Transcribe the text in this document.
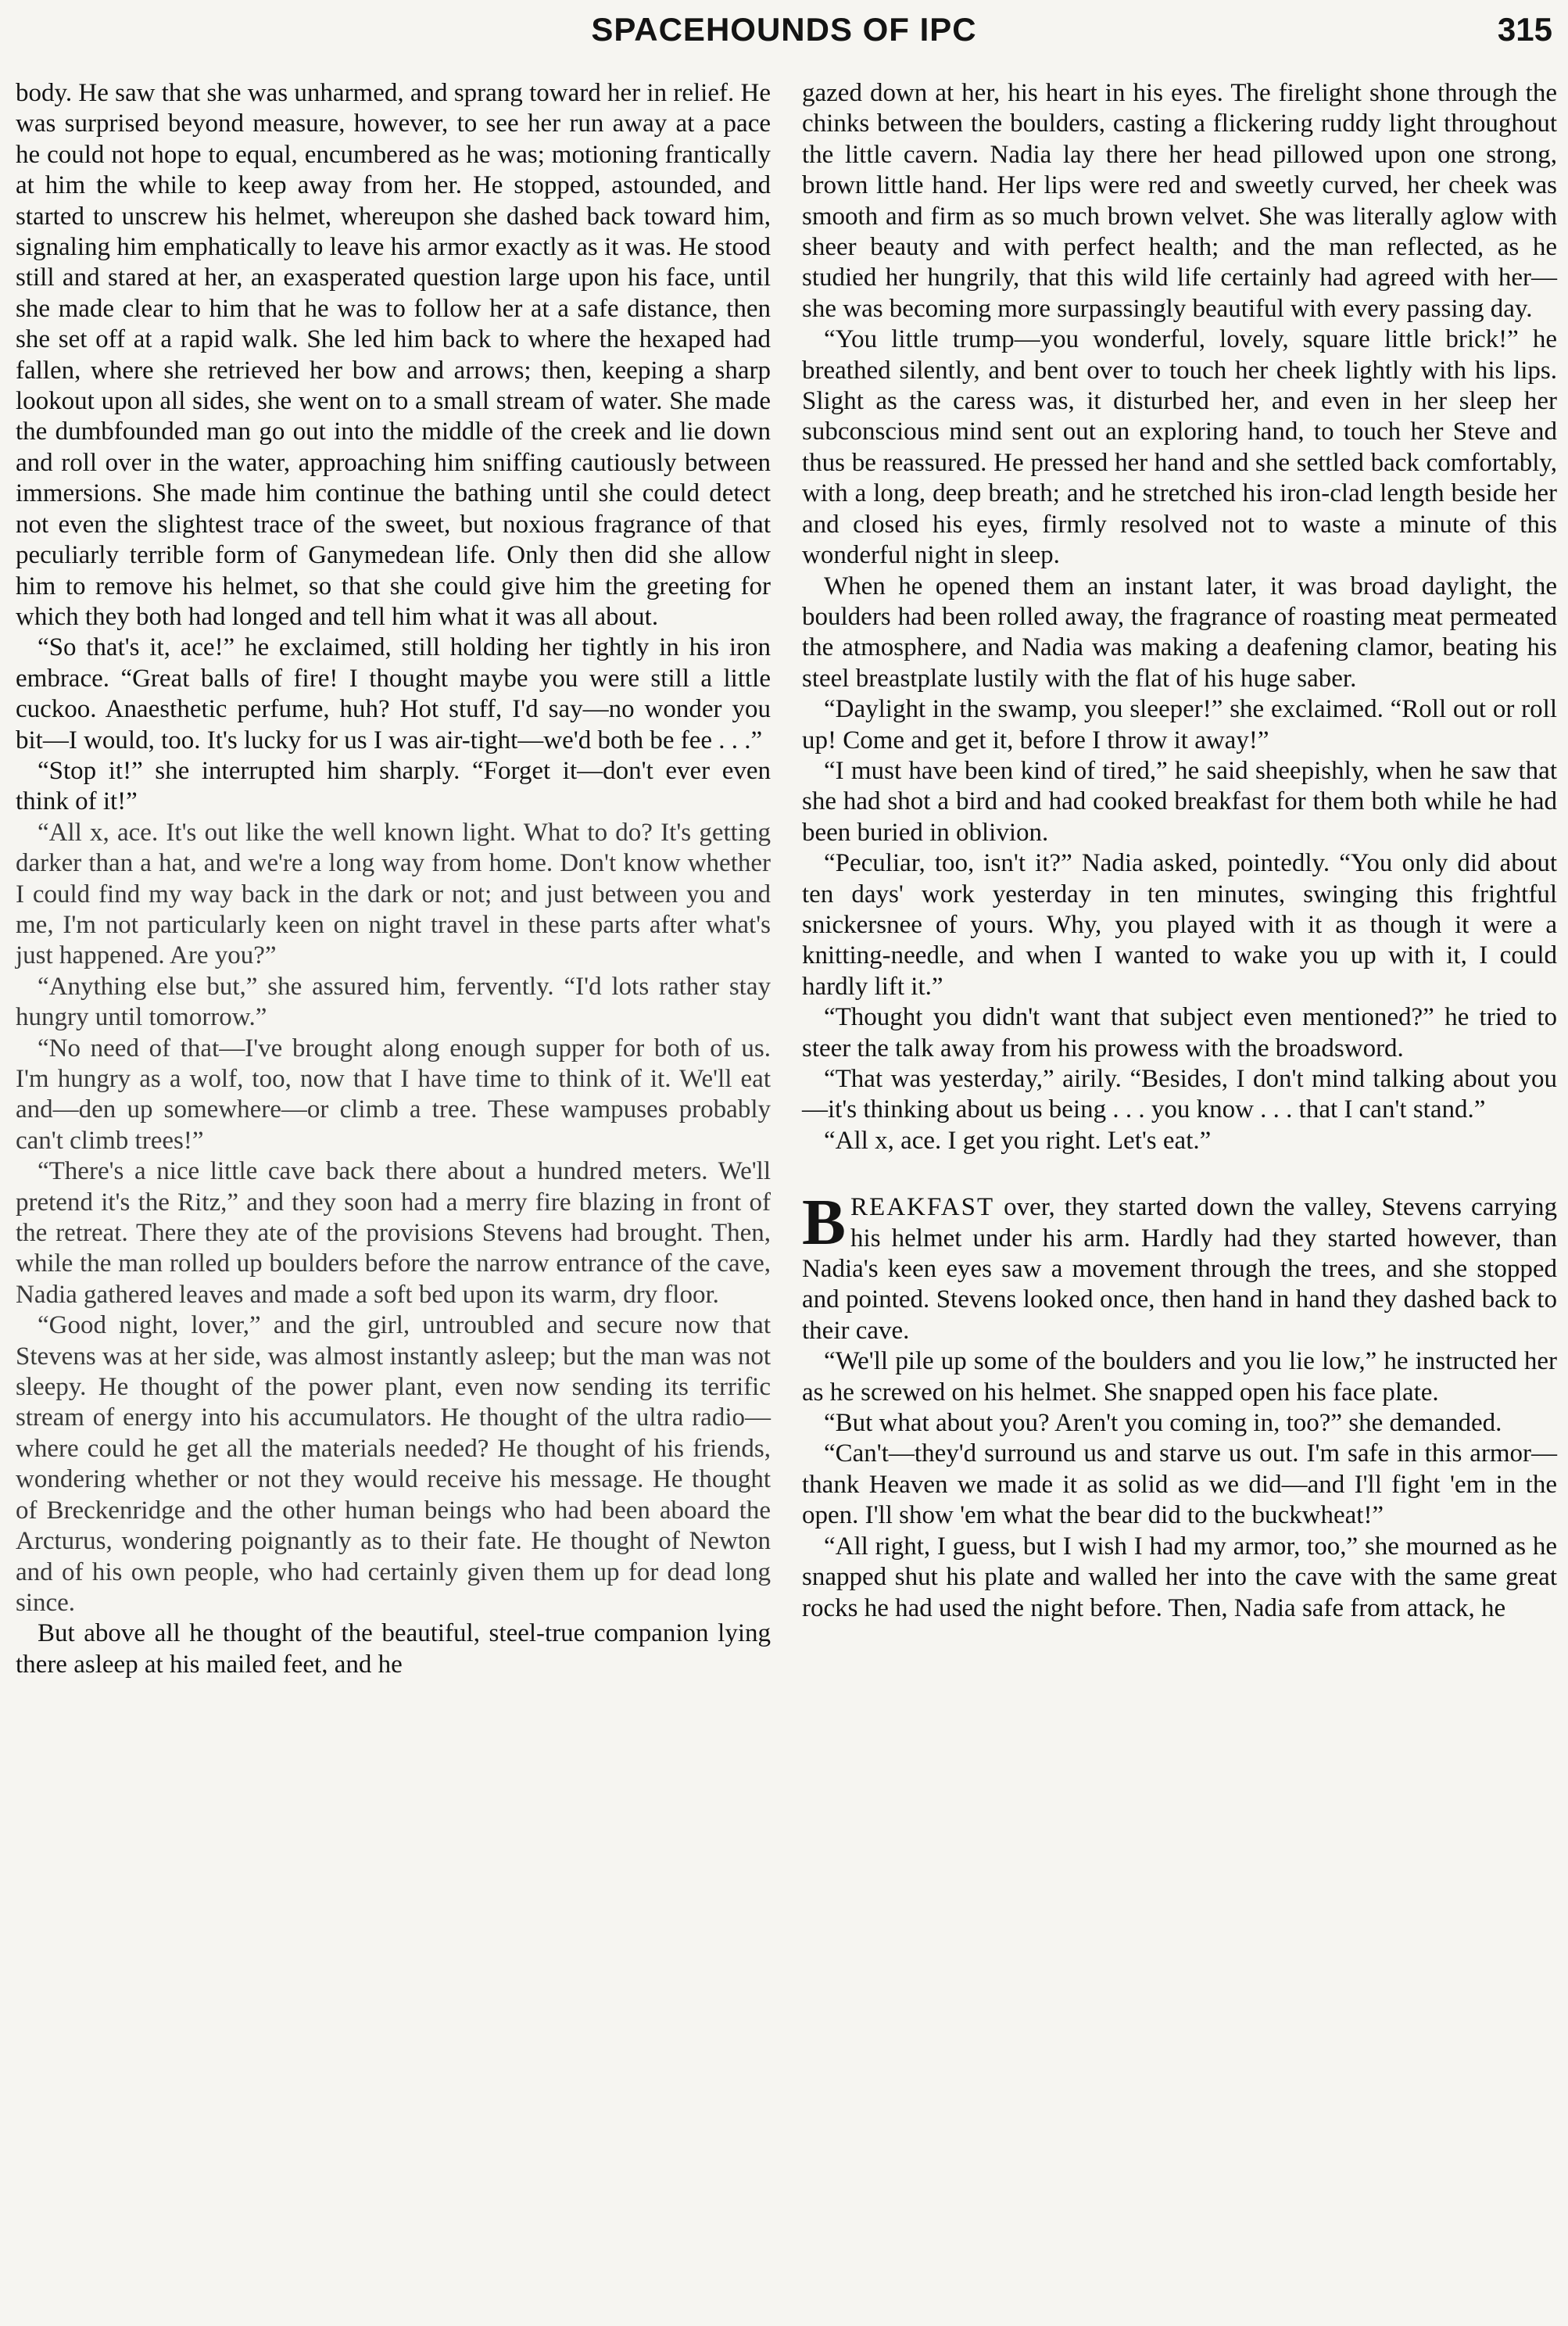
SPACEHOUNDS OF IPC	315

body. He saw that she was unharmed, and sprang toward her in relief. He was surprised beyond measure, however, to see her run away at a pace he could not hope to equal, encumbered as he was; motioning frantically at him the while to keep away from her. He stopped, astounded, and started to unscrew his helmet, whereupon she dashed back toward him, signaling him emphatically to leave his armor exactly as it was. He stood still and stared at her, an exasperated question large upon his face, until she made clear to him that he was to follow her at a safe distance, then she set off at a rapid walk. She led him back to where the hexaped had fallen, where she retrieved her bow and arrows; then, keeping a sharp lookout upon all sides, she went on to a small stream of water. She made the dumbfounded man go out into the middle of the creek and lie down and roll over in the water, approaching him sniffing cautiously between immersions. She made him continue the bathing until she could detect not even the slightest trace of the sweet, but noxious fragrance of that peculiarly terrible form of Ganymedean life. Only then did she allow him to remove his helmet, so that she could give him the greeting for which they both had longed and tell him what it was all about.

“So that's it, ace!” he exclaimed, still holding her tightly in his iron embrace. “Great balls of fire! I thought maybe you were still a little cuckoo. Anaesthetic perfume, huh? Hot stuff, I'd say—no wonder you bit—I would, too. It's lucky for us I was air-tight—we'd both be fee . . .”

“Stop it!” she interrupted him sharply. “Forget it—don't ever even think of it!”

“All x, ace. It's out like the well known light. What to do? It's getting darker than a hat, and we're a long way from home. Don't know whether I could find my way back in the dark or not; and just between you and me, I'm not particularly keen on night travel in these parts after what's just happened. Are you?”

“Anything else but,” she assured him, fervently. “I'd lots rather stay hungry until tomorrow.”

“No need of that—I've brought along enough supper for both of us. I'm hungry as a wolf, too, now that I have time to think of it. We'll eat and—den up somewhere—or climb a tree. These wampuses probably can't climb trees!”

“There's a nice little cave back there about a hundred meters. We'll pretend it's the Ritz,” and they soon had a merry fire blazing in front of the retreat. There they ate of the provisions Stevens had brought. Then, while the man rolled up boulders before the narrow entrance of the cave, Nadia gathered leaves and made a soft bed upon its warm, dry floor.

“Good night, lover,” and the girl, untroubled and secure now that Stevens was at her side, was almost instantly asleep; but the man was not sleepy. He thought of the power plant, even now sending its terrific stream of energy into his accumulators. He thought of the ultra radio—where could he get all the materials needed? He thought of his friends, wondering whether or not they would receive his message. He thought of Breckenridge and the other human beings who had been aboard the Arcturus, wondering poignantly as to their fate. He thought of Newton and of his own people, who had certainly given them up for dead long since.

But above all he thought of the beautiful, steel-true companion lying there asleep at his mailed feet, and he

gazed down at her, his heart in his eyes. The firelight shone through the chinks between the boulders, casting a flickering ruddy light throughout the little cavern. Nadia lay there her head pillowed upon one strong, brown little hand. Her lips were red and sweetly curved, her cheek was smooth and firm as so much brown velvet. She was literally aglow with sheer beauty and with perfect health; and the man reflected, as he studied her hungrily, that this wild life certainly had agreed with her—she was becoming more surpassingly beautiful with every passing day.

“You little trump—you wonderful, lovely, square little brick!” he breathed silently, and bent over to touch her cheek lightly with his lips. Slight as the caress was, it disturbed her, and even in her sleep her subconscious mind sent out an exploring hand, to touch her Steve and thus be reassured. He pressed her hand and she settled back comfortably, with a long, deep breath; and he stretched his iron-clad length beside her and closed his eyes, firmly resolved not to waste a minute of this wonderful night in sleep.

When he opened them an instant later, it was broad daylight, the boulders had been rolled away, the fragrance of roasting meat permeated the atmosphere, and Nadia was making a deafening clamor, beating his steel breastplate lustily with the flat of his huge saber.

“Daylight in the swamp, you sleeper!” she exclaimed. “Roll out or roll up! Come and get it, before I throw it away!”

“I must have been kind of tired,” he said sheepishly, when he saw that she had shot a bird and had cooked breakfast for them both while he had been buried in oblivion.

“Peculiar, too, isn't it?” Nadia asked, pointedly. “You only did about ten days' work yesterday in ten minutes, swinging this frightful snickersnee of yours. Why, you played with it as though it were a knitting-needle, and when I wanted to wake you up with it, I could hardly lift it.”

“Thought you didn't want that subject even mentioned?” he tried to steer the talk away from his prowess with the broadsword.

“That was yesterday,” airily. “Besides, I don't mind talking about you—it's thinking about us being . . . you know . . . that I can't stand.”

“All x, ace. I get you right. Let's eat.”

BREAKFAST over, they started down the valley, Stevens carrying his helmet under his arm. Hardly had they started however, than Nadia's keen eyes saw a movement through the trees, and she stopped and pointed. Stevens looked once, then hand in hand they dashed back to their cave.

“We'll pile up some of the boulders and you lie low,” he instructed her as he screwed on his helmet. She snapped open his face plate.

“But what about you? Aren't you coming in, too?” she demanded.

“Can't—they'd surround us and starve us out. I'm safe in this armor—thank Heaven we made it as solid as we did—and I'll fight 'em in the open. I'll show 'em what the bear did to the buckwheat!”

“All right, I guess, but I wish I had my armor, too,” she mourned as he snapped shut his plate and walled her into the cave with the same great rocks he had used the night before. Then, Nadia safe from attack, he
